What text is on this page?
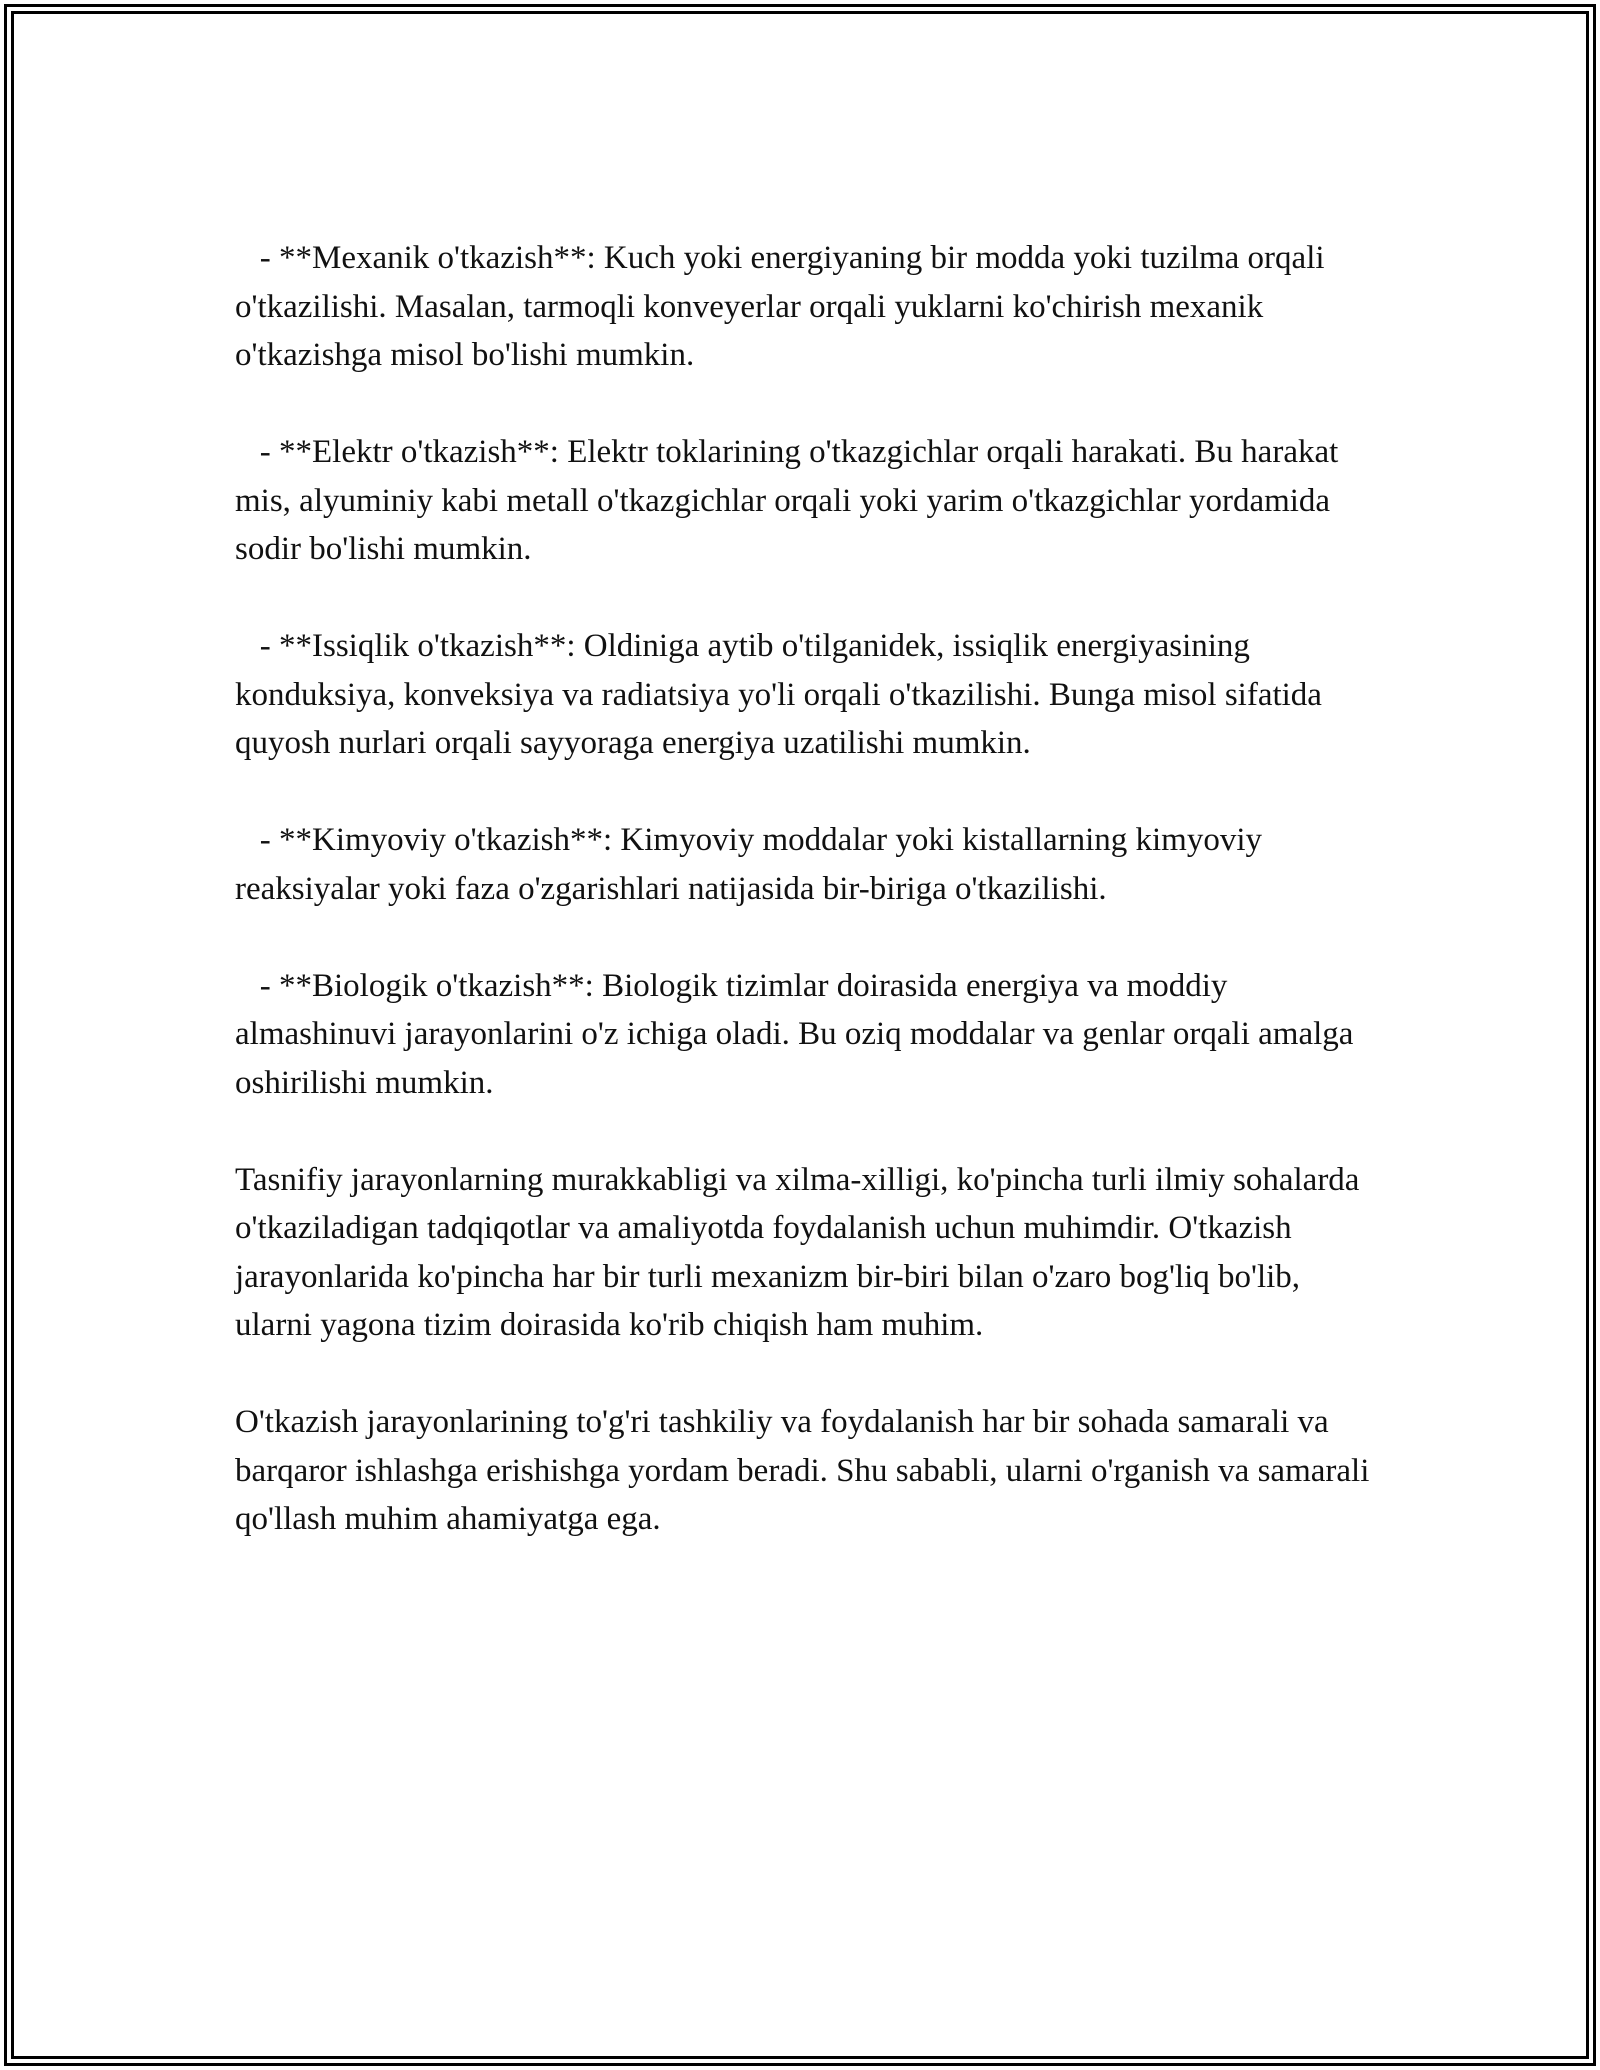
- **Mexanik o'tkazish**: Kuch yoki energiyaning bir modda yoki tuzilma orqali o'tkazilishi. Masalan, tarmoqli konveyerlar orqali yuklarni ko'chirish mexanik o'tkazishga misol bo'lishi mumkin.

- **Elektr o'tkazish**: Elektr toklarining o'tkazgichlar orqali harakati. Bu harakat mis, alyuminiy kabi metall o'tkazgichlar orqali yoki yarim o'tkazgichlar yordamida sodir bo'lishi mumkin.

- **Issiqlik o'tkazish**: Oldiniga aytib o'tilganidek, issiqlik energiyasining konduksiya, konveksiya va radiatsiya yo'li orqali o'tkazilishi. Bunga misol sifatida quyosh nurlari orqali sayyoraga energiya uzatilishi mumkin.

- **Kimyoviy o'tkazish**: Kimyoviy moddalar yoki kistallarning kimyoviy reaksiyalar yoki faza o'zgarishlari natijasida bir-biriga o'tkazilishi.

- **Biologik o'tkazish**: Biologik tizimlar doirasida energiya va moddiy almashinuvi jarayonlarini o'z ichiga oladi. Bu oziq moddalar va genlar orqali amalga oshirilishi mumkin.

Tasnifiy jarayonlarning murakkabligi va xilma-xilligi, ko'pincha turli ilmiy sohalarda o'tkaziladigan tadqiqotlar va amaliyotda foydalanish uchun muhimdir. O'tkazish jarayonlarida ko'pincha har bir turli mexanizm bir-biri bilan o'zaro bog'liq bo'lib, ularni yagona tizim doirasida ko'rib chiqish ham muhim.

O'tkazish jarayonlarining to'g'ri tashkiliy va foydalanish har bir sohada samarali va barqaror ishlashga erishishga yordam beradi. Shu sababli, ularni o'rganish va samarali qo'llash muhim ahamiyatga ega.
